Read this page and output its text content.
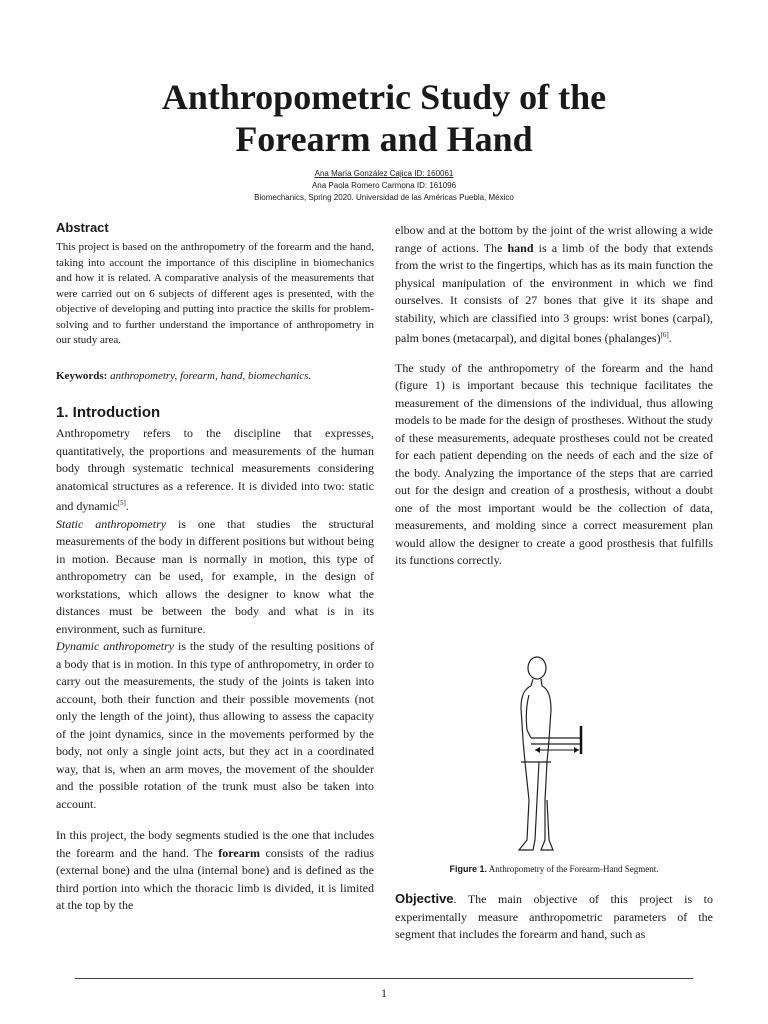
Anthropometric Study of the
Forearm and Hand
Ana María González Cajica ID: 160061
Ana Paola Romero Carmona ID: 161096
Biomechanics, Spring 2020. Universidad de las Américas Puebla, México
Abstract
This project is based on the anthropometry of the forearm and the hand, taking into account the importance of this discipline in biomechanics and how it is related. A comparative analysis of the measurements that were carried out on 6 subjects of different ages is presented, with the objective of developing and putting into practice the skills for problem-solving and to further understand the importance of anthropometry in our study area.
Keywords: anthropometry, forearm, hand, biomechanics.
1. Introduction

Anthropometry refers to the discipline that expresses, quantitatively, the proportions and measurements of the human body through systematic technical measurements considering anatomical structures as a reference. It is divided into two: static and dynamic[5].

Static anthropometry is one that studies the structural measurements of the body in different positions but without being in motion. Because man is normally in motion, this type of anthropometry can be used, for example, in the design of workstations, which allows the designer to know what the distances must be between the body and what is in its environment, such as furniture.

Dynamic anthropometry is the study of the resulting positions of a body that is in motion. In this type of anthropometry, in order to carry out the measurements, the study of the joints is taken into account, both their function and their possible movements (not only the length of the joint), thus allowing to assess the capacity of the joint dynamics, since in the movements performed by the body, not only a single joint acts, but they act in a coordinated way, that is, when an arm moves, the movement of the shoulder and the possible rotation of the trunk must also be taken into account.

In this project, the body segments studied is the one that includes the forearm and the hand. The forearm consists of the radius (external bone) and the ulna (internal bone) and is defined as the third portion into which the thoracic limb is divided, it is limited at the top by the

elbow and at the bottom by the joint of the wrist allowing a wide range of actions. The hand is a limb of the body that extends from the wrist to the fingertips, which has as its main function the physical manipulation of the environment in which we find ourselves. It consists of 27 bones that give it its shape and stability, which are classified into 3 groups: wrist bones (carpal), palm bones (metacarpal), and digital bones (phalanges)[6].

The study of the anthropometry of the forearm and the hand (figure 1) is important because this technique facilitates the measurement of the dimensions of the individual, thus allowing models to be made for the design of prostheses. Without the study of these measurements, adequate prostheses could not be created for each patient depending on the needs of each and the size of the body. Analyzing the importance of the steps that are carried out for the design and creation of a prosthesis, without a doubt one of the most important would be the collection of data, measurements, and molding since a correct measurement plan would allow the designer to create a good prosthesis that fulfills its functions correctly.

Figure 1. Anthropometry of the Forearm-Hand Segment.

Objective. The main objective of this project is to experimentally measure anthropometric parameters of the segment that includes the forearm and hand, such as

1
